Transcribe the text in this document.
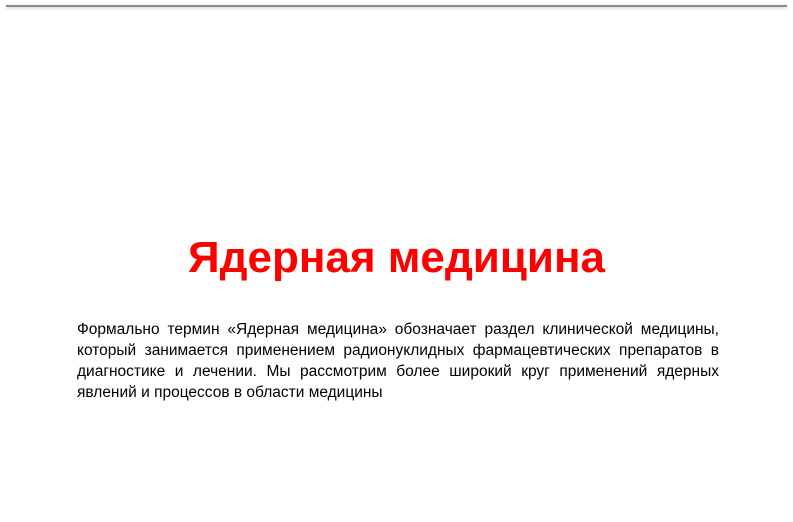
Ядерная медицина

Формально термин «Ядерная медицина» обозначает раздел клинической медицины, который занимается применением радионуклидных фармацевтических препаратов в диагностике и лечении. Мы рассмотрим более широкий круг применений ядерных явлений и процессов в области медицины
